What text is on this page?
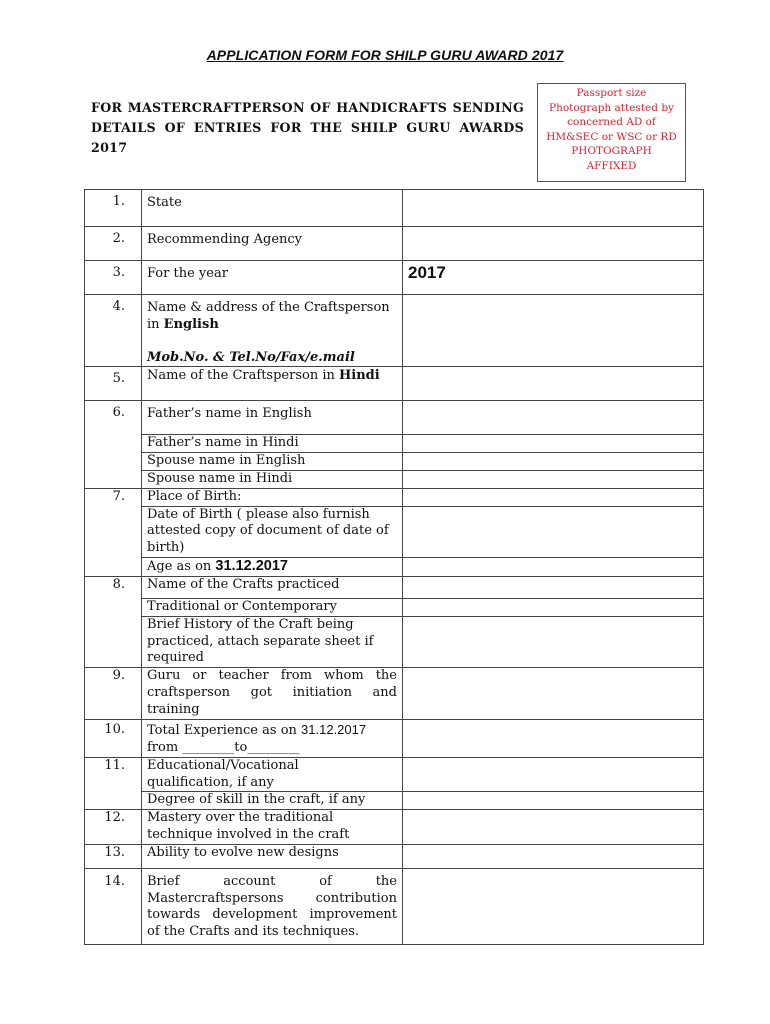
APPLICATION FORM FOR SHILP GURU AWARD 2017
FOR MASTERCRAFTPERSON OF HANDICRAFTS SENDING
DETAILS OF ENTRIES FOR THE SHILP GURU AWARDS
2017
Passport size
Photograph attested by
concerned AD of
HM&SEC or WSC or RD
PHOTOGRAPH
AFFIXED
1.	State	
2.	Recommending Agency	
3.	For the year	2017
4.	Name & address of the Craftsperson
in English
Mob.No. & Tel.No/Fax/e.mail	

5.	Name of the Craftsperson in Hindi	
6.	Father’s name in English	
	Father’s name in Hindi	
	Spouse name in English	
	Spouse name in Hindi	
7.	Place of Birth:	

	Date of Birth ( please also furnish
attested copy of document of date of
birth)	

	Age as on 31.12.2017	
8.	Name of the Crafts practiced	
	Traditional or Contemporary	

	Brief History of the Craft being
practiced, attach separate sheet if
required	

9.	Guru or teacher from whom the
craftsperson got initiation and
training	

10.	Total Experience as on 31.12.2017
from ________to________	

11.	Educational/Vocational
qualification, if any	

	Degree of skill in the craft, if any	
12.	Mastery over the traditional
technique involved in the craft	

13.	Ability to evolve new designs	
14.	Brief account of the
Mastercraftspersons contribution
towards development improvement
of the Crafts and its techniques.	
